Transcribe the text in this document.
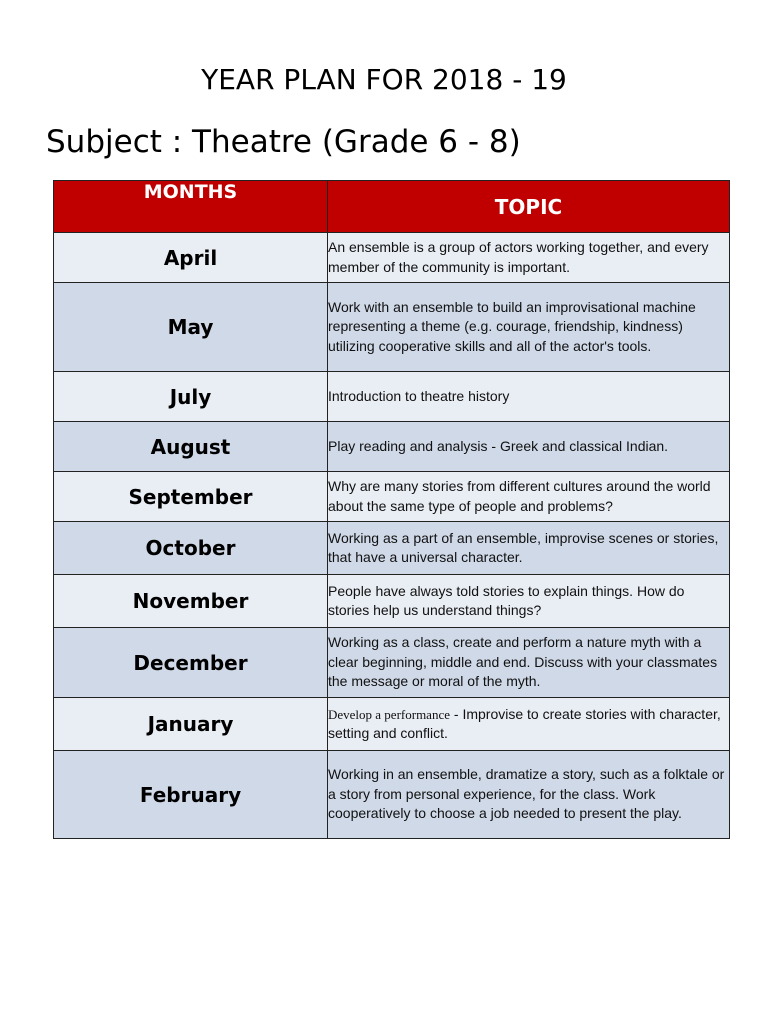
YEAR PLAN FOR 2018 - 19
Subject : Theatre (Grade 6 - 8)
MONTHS	TOPIC
April	An ensemble is a group of actors working together, and every member of the community is important.
May	Work with an ensemble to build an improvisational machine representing a theme (e.g. courage, friendship, kindness) utilizing cooperative skills and all of the actor's tools.
July	Introduction to theatre history
August	Play reading and analysis - Greek and classical Indian.
September	Why are many stories from different cultures around the world about the same type of people and problems?
October	Working as a part of an ensemble, improvise scenes or stories, that have a universal character.
November	People have always told stories to explain things. How do stories help us understand things?
December	Working as a class, create and perform a nature myth with a clear beginning, middle and end. Discuss with your classmates the message or moral of the myth.
January	Develop a performance - Improvise to create stories with character, setting and conflict.
February	Working in an ensemble, dramatize a story, such as a folktale or a story from personal experience, for the class. Work cooperatively to choose a job needed to present the play.
